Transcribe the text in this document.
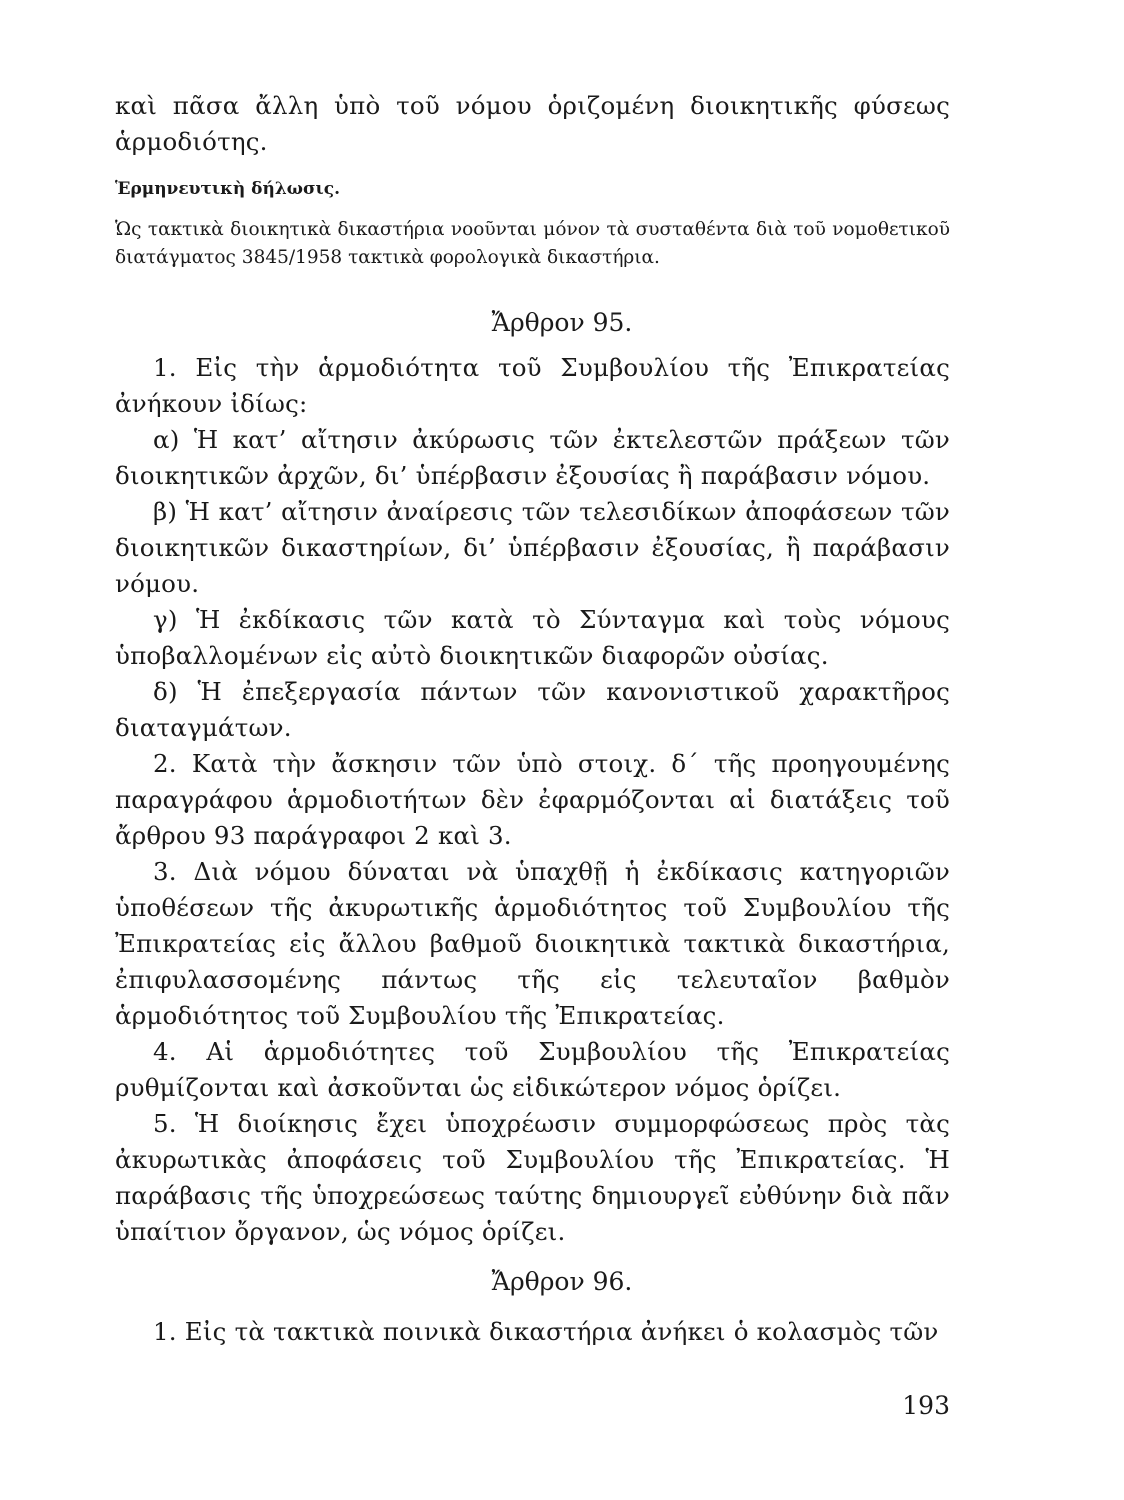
καὶ πᾶσα ἄλλη ὑπὸ τοῦ νόμου ὁριζομένη διοικητικῆς φύσεως ἁρμοδιότης.

Ἑρμηνευτικὴ δήλωσις.

Ὡς τακτικὰ διοικητικὰ δικαστήρια νοοῦνται μόνον τὰ συσταθέντα διὰ τοῦ νομοθετικοῦ διατάγματος 3845/1958 τακτικὰ φορολογικὰ δικαστήρια.

Ἄρθρον 95.

1. Εἰς τὴν ἁρμοδιότητα τοῦ Συμβουλίου τῆς Ἐπικρατείας ἀνήκουν ἰδίως:

α) Ἡ κατ’ αἴτησιν ἀκύρωσις τῶν ἐκτελεστῶν πράξεων τῶν διοικητικῶν ἀρχῶν, δι’ ὑπέρβασιν ἐξουσίας ἢ παράβασιν νόμου.

β) Ἡ κατ’ αἴτησιν ἀναίρεσις τῶν τελεσιδίκων ἀποφάσεων τῶν διοικητικῶν δικαστηρίων, δι’ ὑπέρβασιν ἐξουσίας, ἢ παράβασιν νόμου.

γ) Ἡ ἐκδίκασις τῶν κατὰ τὸ Σύνταγμα καὶ τοὺς νόμους ὑποβαλλομένων εἰς αὐτὸ διοικητικῶν διαφορῶν οὐσίας.

δ) Ἡ ἐπεξεργασία πάντων τῶν κανονιστικοῦ χαρακτῆρος διαταγμάτων.

2. Κατὰ τὴν ἄσκησιν τῶν ὑπὸ στοιχ. δ΄ τῆς προηγουμένης παραγράφου ἁρμοδιοτήτων δὲν ἐφαρμόζονται αἱ διατάξεις τοῦ ἄρθρου 93 παράγραφοι 2 καὶ 3.

3. Διὰ νόμου δύναται νὰ ὑπαχθῇ ἡ ἐκδίκασις κατηγοριῶν ὑποθέσεων τῆς ἀκυρωτικῆς ἁρμοδιότητος τοῦ Συμβουλίου τῆς Ἐπικρατείας εἰς ἄλλου βαθμοῦ διοικητικὰ τακτικὰ δικαστήρια, ἐπιφυλασσομένης πάντως τῆς εἰς τελευταῖον βαθμὸν ἁρμοδιότητος τοῦ Συμβουλίου τῆς Ἐπικρατείας.

4. Αἱ ἁρμοδιότητες τοῦ Συμβουλίου τῆς Ἐπικρατείας ρυθμίζονται καὶ ἀσκοῦνται ὡς εἰδικώτερον νόμος ὁρίζει.

5. Ἡ διοίκησις ἔχει ὑποχρέωσιν συμμορφώσεως πρὸς τὰς ἀκυρωτικὰς ἀποφάσεις τοῦ Συμβουλίου τῆς Ἐπικρατείας. Ἡ παράβασις τῆς ὑποχρεώσεως ταύτης δημιουργεῖ εὐθύνην διὰ πᾶν ὑπαίτιον ὄργανον, ὡς νόμος ὁρίζει.

Ἄρθρον 96.

1. Εἰς τὰ τακτικὰ ποινικὰ δικαστήρια ἀνήκει ὁ κολασμὸς τῶν

193
